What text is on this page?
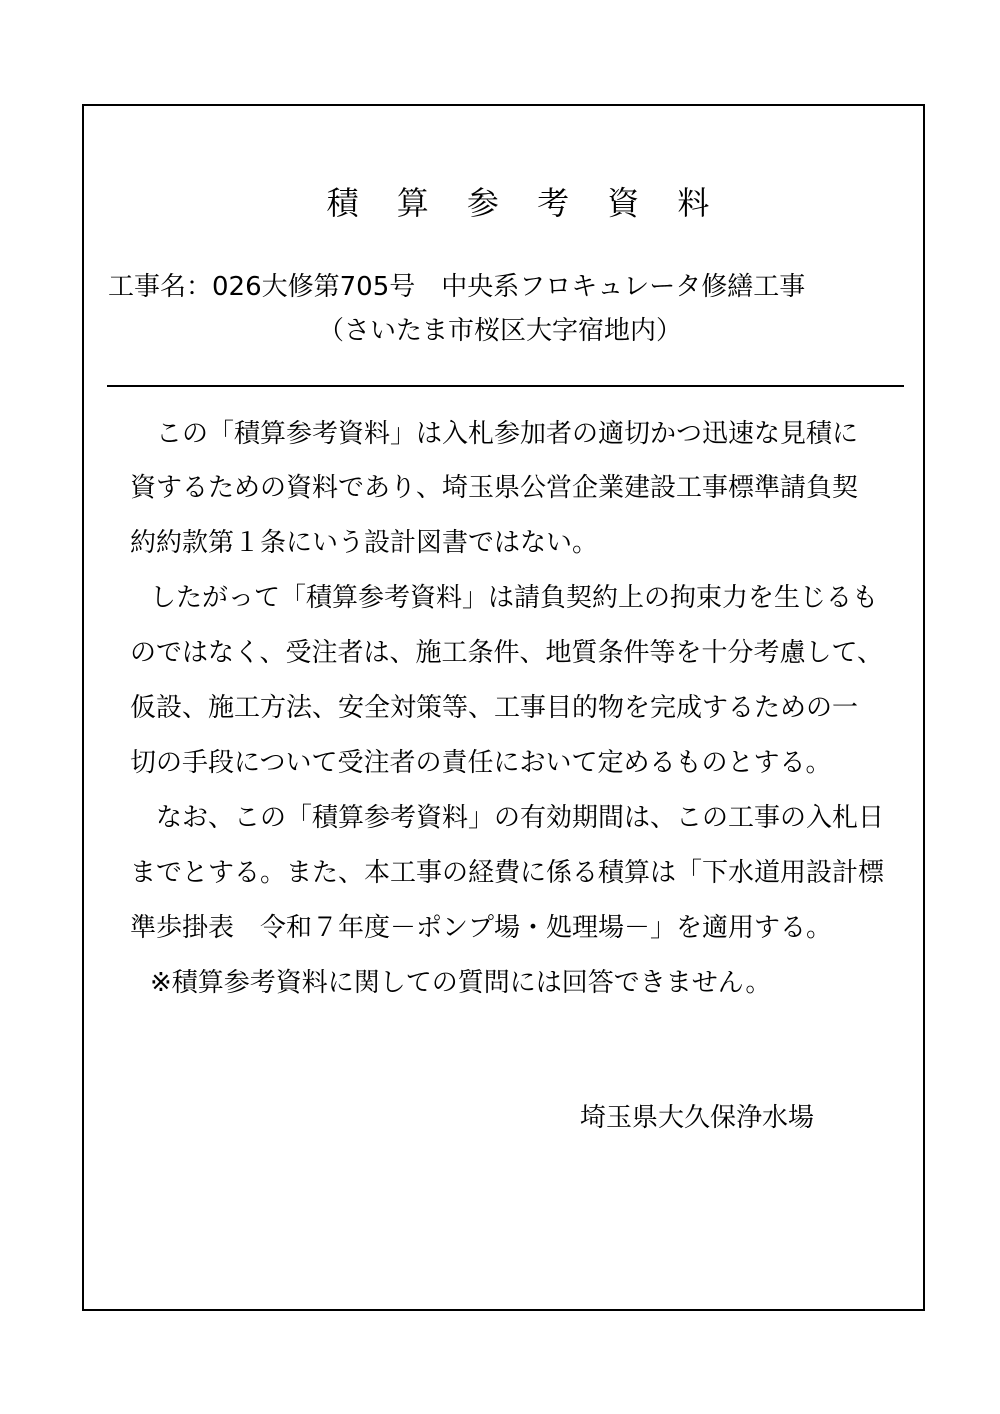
積 算 参 考 資 料
工事名：026大修第705号　中央系フロキュレータ修繕工事
（さいたま市桜区大字宿地内）
　この「積算参考資料」は入札参加者の適切かつ迅速な見積に
資するための資料であり、埼玉県公営企業建設工事標準請負契
約約款第１条にいう設計図書ではない。
したがって「積算参考資料」は請負契約上の拘束力を生じるも
のではなく、受注者は、施工条件、地質条件等を十分考慮して、
仮設、施工方法、安全対策等、工事目的物を完成するための一
切の手段について受注者の責任において定めるものとする。
　なお、この「積算参考資料」の有効期間は、この工事の入札日
までとする。また、本工事の経費に係る積算は「下水道用設計標
準歩掛表　令和７年度－ポンプ場・処理場－」を適用する。
※積算参考資料に関しての質問には回答できません。
埼玉県大久保浄水場
